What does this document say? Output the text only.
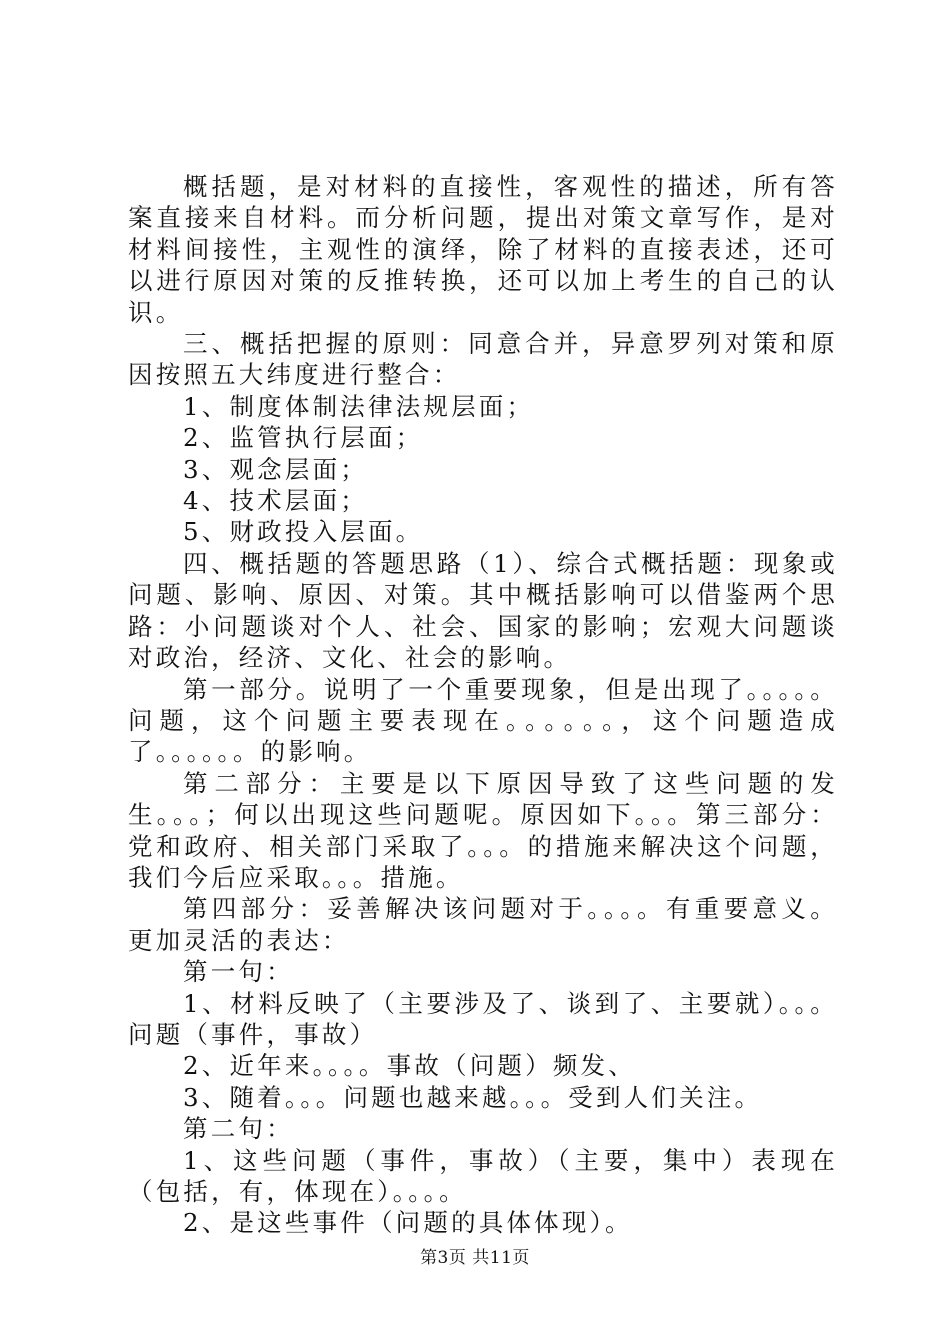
概括题，是对材料的直接性，客观性的描述，所有答案直接来自材料。而分析问题，提出对策文章写作，是对材料间接性，主观性的演绎，除了材料的直接表述，还可以进行原因对策的反推转换，还可以加上考生的自己的认识。

三、概括把握的原则：同意合并，异意罗列对策和原因按照五大纬度进行整合：

1、制度体制法律法规层面；

2、监管执行层面；

3、观念层面；

4、技术层面；

5、财政投入层面。

四、概括题的答题思路（1）、综合式概括题：现象或问题、影响、原因、对策。其中概括影响可以借鉴两个思路：小问题谈对个人、社会、国家的影响；宏观大问题谈对政治，经济、文化、社会的影响。

第一部分。说明了一个重要现象，但是出现了。。。。。问题，这个问题主要表现在。。。。。。，这个问题造成了。。。。。。的影响。

第二部分：主要是以下原因导致了这些问题的发生。。。；何以出现这些问题呢。原因如下。。。第三部分：党和政府、相关部门采取了。。。的措施来解决这个问题，我们今后应采取。。。措施。

第四部分：妥善解决该问题对于。。。。有重要意义。更加灵活的表达：

第一句：

1、材料反映了（主要涉及了、谈到了、主要就）。。。问题（事件，事故）

2、近年来。。。。事故（问题）频发、

3、随着。。。问题也越来越。。。受到人们关注。

第二句：

1、这些问题（事件，事故）（主要，集中）表现在（包括，有，体现在）。。。。

2、是这些事件（问题的具体体现）。

第3页 共11页
